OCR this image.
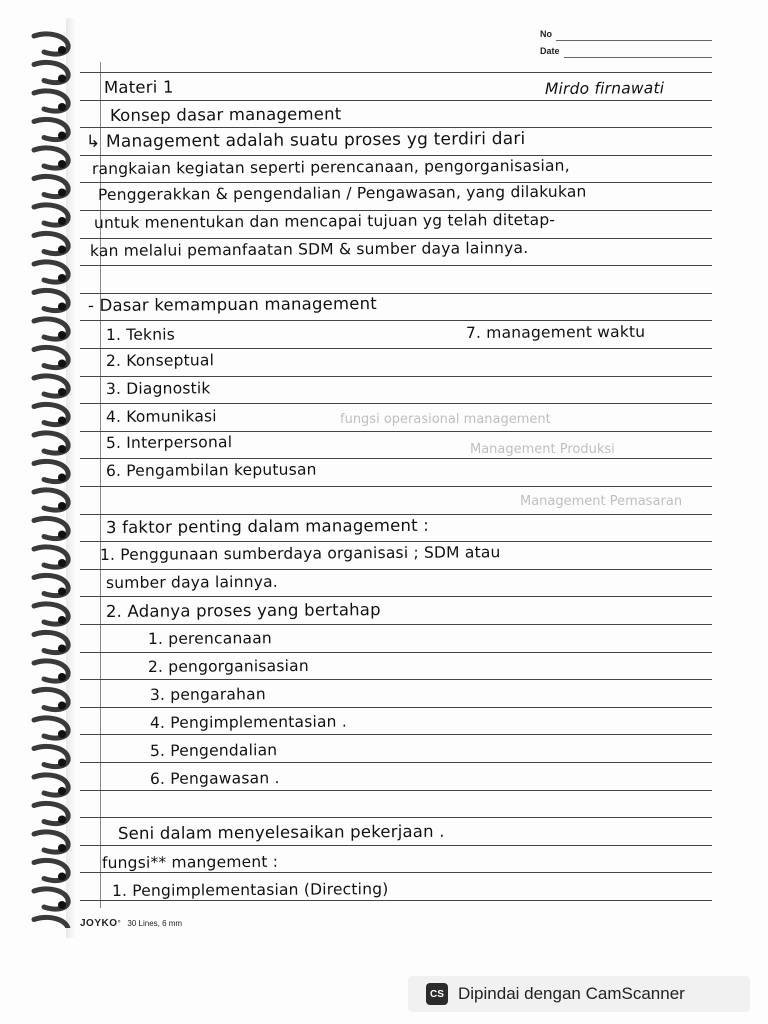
No
Date
Management Produksi
Management Pemasaran
fungsi operasional management
Materi 1	Mirdo firnawati
Konsep dasar management
↳ Management adalah suatu proses yg terdiri dari
rangkaian kegiatan seperti perencanaan, pengorganisasian,
Penggerakkan & pengendalian / Pengawasan, yang dilakukan
untuk menentukan dan mencapai tujuan yg telah ditetap-
kan melalui pemanfaatan SDM & sumber daya lainnya.
- Dasar kemampuan management
1. Teknis	7. management waktu
2. Konseptual
3. Diagnostik
4. Komunikasi
5. Interpersonal
6. Pengambilan keputusan
3 faktor penting dalam management :
1. Penggunaan sumberdaya organisasi ; SDM atau
sumber daya lainnya.
2. Adanya proses yang bertahap
1. perencanaan
2. pengorganisasian
3. pengarahan
4. Pengimplementasian .
5. Pengendalian
6. Pengawasan .
Seni dalam menyelesaikan pekerjaan .
fungsi** mangement :
1. Pengimplementasian (Directing)
JOYKO° 30 Lines, 6 mm
CS Dipindai dengan CamScanner
